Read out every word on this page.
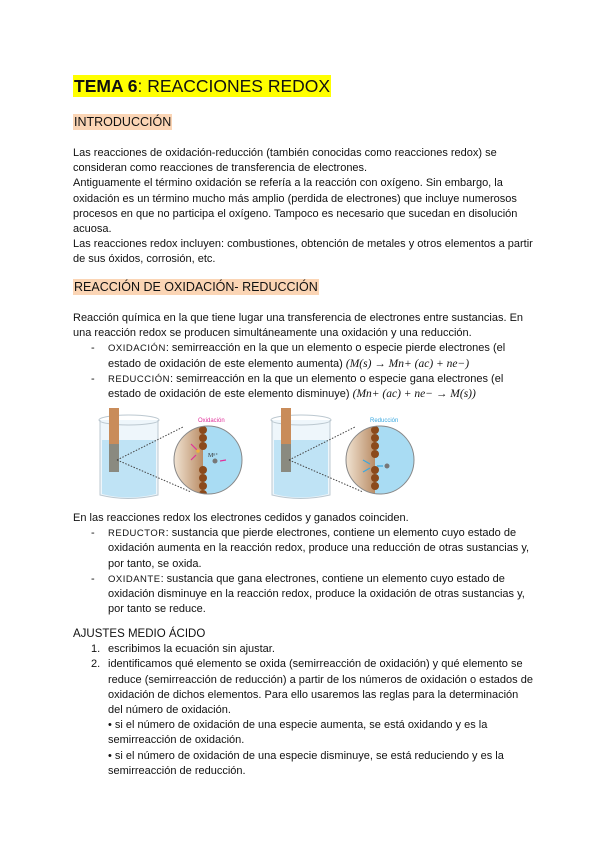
TEMA 6: REACCIONES REDOX
INTRODUCCIÓN

Las reacciones de oxidación-reducción (también conocidas como reacciones redox) se consideran como reacciones de transferencia de electrones.

Antiguamente el término oxidación se refería a la reacción con oxígeno. Sin embargo, la oxidación es un término mucho más amplio (perdida de electrones) que incluye numerosos procesos en que no participa el oxígeno. Tampoco es necesario que sucedan en disolución acuosa.

Las reacciones redox incluyen: combustiones, obtención de metales y otros elementos a partir de sus óxidos, corrosión, etc.

REACCIÓN DE OXIDACIÓN- REDUCCIÓN

Reacción química en la que tiene lugar una transferencia de electrones entre sustancias. En una reacción redox se producen simultáneamente una oxidación y una reducción.

- OXIDACIÓN: semirreacción en la que un elemento o especie pierde electrones (el estado de oxidación de este elemento aumenta) (M(s) → Mn+ (ac) + ne−)
- REDUCCIÓN: semirreacción en la que un elemento o especie gana electrones (el estado de oxidación de este elemento disminuye) (Mn+ (ac) + ne− → M(s))
Mⁿ⁺
Oxidación	Reducción

En las reacciones redox los electrones cedidos y ganados coinciden.

- REDUCTOR: sustancia que pierde electrones, contiene un elemento cuyo estado de oxidación aumenta en la reacción redox, produce una reducción de otras sustancias y, por tanto, se oxida.
- OXIDANTE: sustancia que gana electrones, contiene un elemento cuyo estado de oxidación disminuye en la reacción redox, produce la oxidación de otras sustancias y, por tanto se reduce.

AJUSTES MEDIO ÁCIDO

1. escribimos la ecuación sin ajustar.
2. identificamos qué elemento se oxida (semirreacción de oxidación) y qué elemento se reduce (semirreacción de reducción) a partir de los números de oxidación o estados de oxidación de dichos elementos. Para ello usaremos las reglas para la determinación del número de oxidación.

• si el número de oxidación de una especie aumenta, se está oxidando y es la semirreacción de oxidación.

• si el número de oxidación de una especie disminuye, se está reduciendo y es la semirreacción de reducción.
